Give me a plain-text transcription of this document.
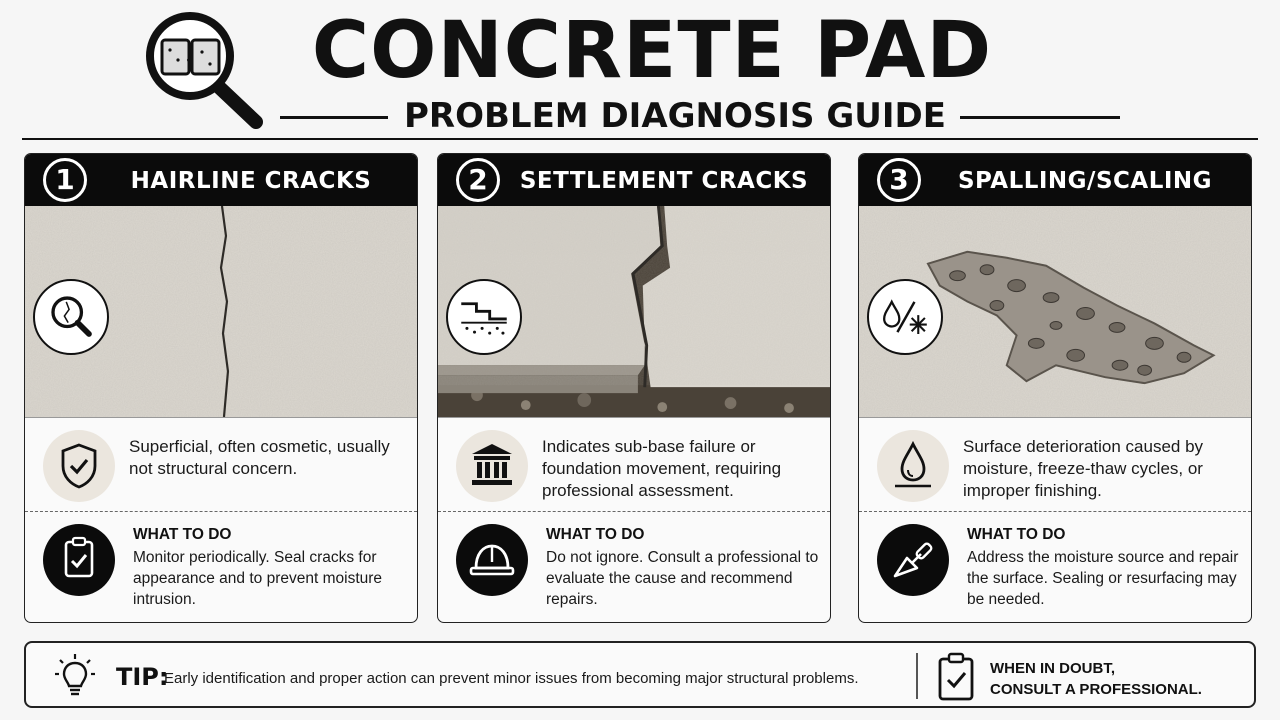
CONCRETE PAD
PROBLEM DIAGNOSIS GUIDE
1	HAIRLINE CRACKS
Superficial, often cosmetic, usually not structural concern.
WHAT TO DO
Monitor periodically. Seal cracks for appearance and to prevent moisture intrusion.
2	SETTLEMENT CRACKS
Indicates sub-base failure or foundation movement, requiring professional assessment.
WHAT TO DO
Do not ignore. Consult a professional to evaluate the cause and recommend repairs.
3	SPALLING/SCALING
Surface deterioration caused by moisture, freeze-thaw cycles, or improper finishing.
WHAT TO DO
Address the moisture source and repair the surface. Sealing or resurfacing may be needed.
TIP:
Early identification and proper action can prevent minor issues from becoming major structural problems.
WHEN IN DOUBT,
CONSULT A PROFESSIONAL.
